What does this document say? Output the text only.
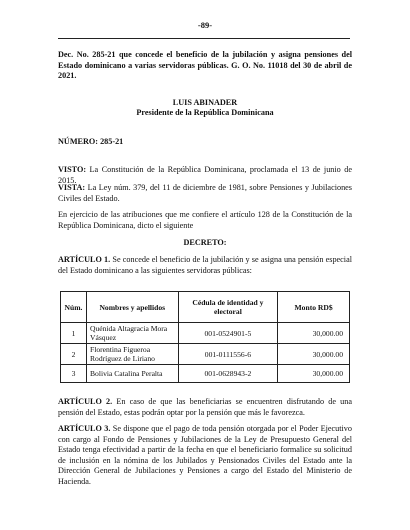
-89-

Dec. No. 285-21 que concede el beneficio de la jubilación y asigna pensiones del Estado dominicano a varias servidoras públicas. G. O. No. 11018 del 30 de abril de 2021.

LUIS ABINADER

Presidente de la República Dominicana

NÚMERO: 285-21

VISTO: La Constitución de la República Dominicana, proclamada el 13 de junio de 2015.

VISTA: La Ley núm. 379, del 11 de diciembre de 1981, sobre Pensiones y Jubilaciones Civiles del Estado.

En ejercicio de las atribuciones que me confiere el artículo 128 de la Constitución de la República Dominicana, dicto el siguiente

DECRETO:

ARTÍCULO 1. Se concede el beneficio de la jubilación y se asigna una pensión especial del Estado dominicano a las siguientes servidoras públicas:

Núm.	Nombres y apellidos	Cédula de identidad y electoral	Monto RD$
1	Quénida Altagracia Mora Vásquez	001-0524901-5	30,000.00
2	Florentina Figueroa Rodríguez de Liriano	001-0111556-6	30,000.00
3	Bolivia Catalina Peralta	001-0628943-2	30,000.00

ARTÍCULO 2. En caso de que las beneficiarias se encuentren disfrutando de una pensión del Estado, estas podrán optar por la pensión que más le favorezca.

ARTÍCULO 3. Se dispone que el pago de toda pensión otorgada por el Poder Ejecutivo con cargo al Fondo de Pensiones y Jubilaciones de la Ley de Presupuesto General del Estado tenga efectividad a partir de la fecha en que el beneficiario formalice su solicitud de inclusión en la nómina de los Jubilados y Pensionados Civiles del Estado ante la Dirección General de Jubilaciones y Pensiones a cargo del Estado del Ministerio de Hacienda.
